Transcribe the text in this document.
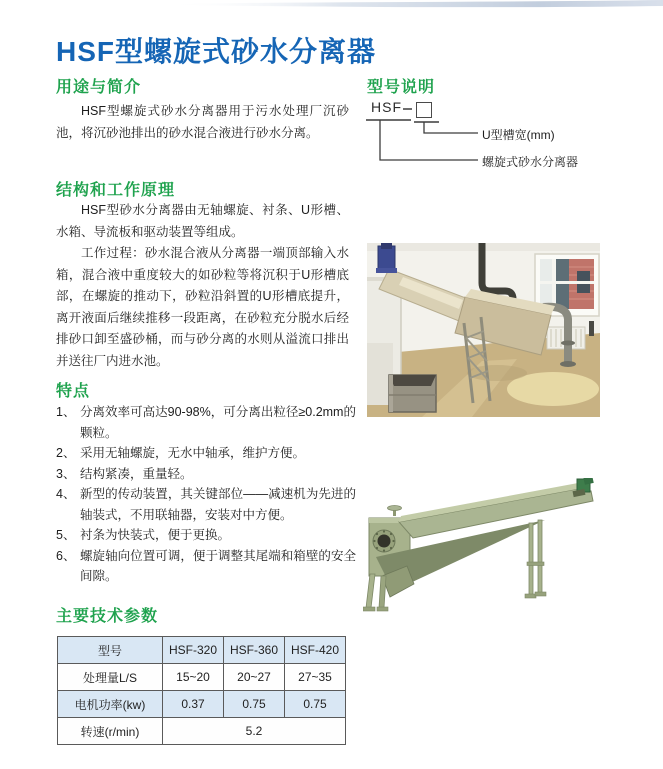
HSF型螺旋式砂水分离器
用途与简介

HSF型螺旋式砂水分离器用于污水处理厂沉砂池，将沉砂池排出的砂水混合液进行砂水分离。

结构和工作原理

HSF型砂水分离器由无轴螺旋、衬条、U形槽、水箱、导流板和驱动装置等组成。

工作过程：砂水混合液从分离器一端顶部输入水箱，混合液中重度较大的如砂粒等将沉积于U形槽底部，在螺旋的推动下，砂粒沿斜置的U形槽底提升，离开液面后继续推移一段距离，在砂粒充分脱水后经排砂口卸至盛砂桶，而与砂分离的水则从溢流口排出并送往厂内进水池。

特点
1、 分离效率可高达90-98%，可分离出粒径≥0.2mm的颗粒。
2、 采用无轴螺旋，无水中轴承，维护方便。
3、 结构紧凑，重量轻。
4、 新型的传动装置，其关键部位——减速机为先进的轴装式，不用联轴器，安装对中方便。
5、 衬条为快装式，便于更换。
6、 螺旋轴向位置可调，便于调整其尾端和箱壁的安全间隙。
主要技术参数
型号	HSF-320	HSF-360	HSF-420
处理量L/S	15~20	20~27	27~35
电机功率(kw)	0.37	0.75	0.75
转速(r/min)	5.2		
型号说明
HSF
U型槽宽(mm)
螺旋式砂水分离器
